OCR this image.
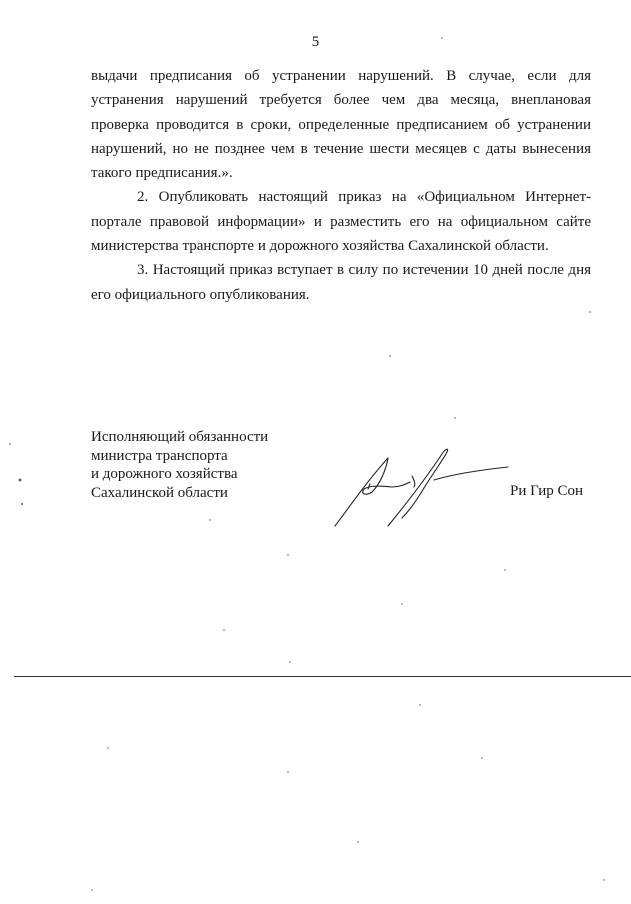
5

выдачи предписания об устранении нарушений. В случае, если для устранения нарушений требуется более чем два месяца, внеплановая проверка проводится в сроки, определенные предписанием об устранении нарушений, но не позднее чем в течение шести месяцев с даты вынесения такого предписания.».

2. Опубликовать настоящий приказ на «Официальном Интернет-портале правовой информации» и разместить его на официальном сайте министерства транспорте и дорожного хозяйства Сахалинской области.

3. Настоящий приказ вступает в силу по истечении 10 дней после дня его официального опубликования.

Исполняющий обязанности
министра транспорта
и дорожного хозяйства
Сахалинской области	Ри Гир Сон
